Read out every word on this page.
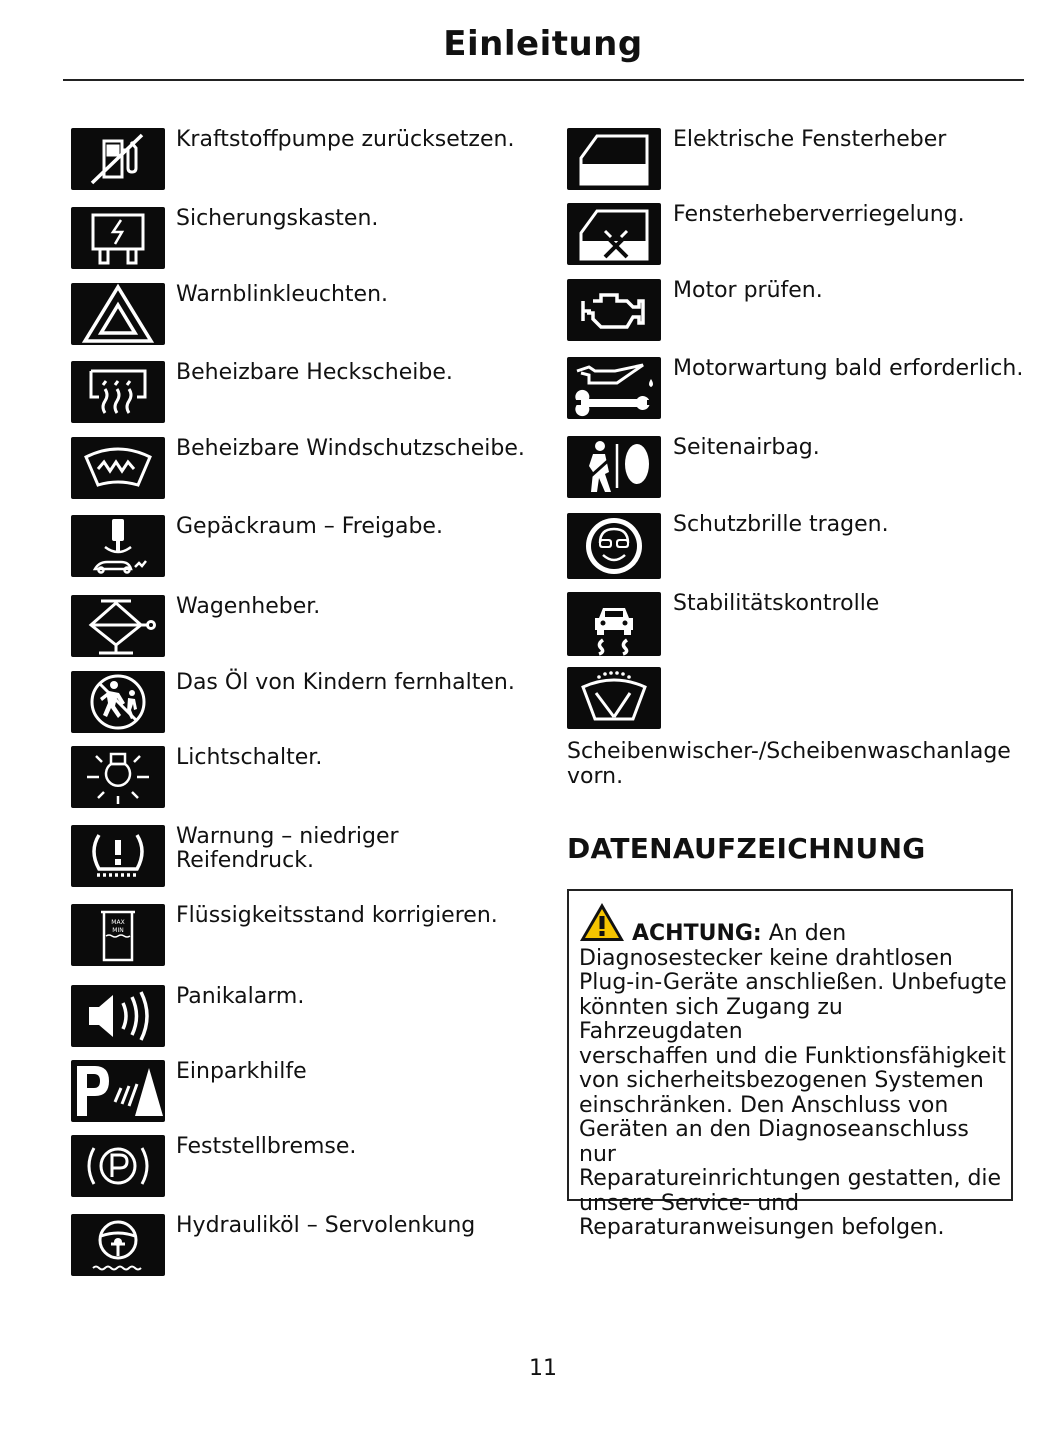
Einleitung
Kraftstoffpumpe zurücksetzen.
Sicherungskasten.
Warnblinkleuchten.
Beheizbare Heckscheibe.
Beheizbare Windschutzscheibe.
Gepäckraum – Freigabe.
Wagenheber.
Das Öl von Kindern fernhalten.
Lichtschalter.
Warnung – niedriger
Reifendruck.
MAX
MIN
Flüssigkeitsstand korrigieren.
Panikalarm.
Einparkhilfe
Feststellbremse.
Hydrauliköl – Servolenkung
Elektrische Fensterheber
Fensterheberverriegelung.
Motor prüfen.
Motorwartung bald erforderlich.
Seitenairbag.
Schutzbrille tragen.
Stabilitätskontrolle
Scheibenwischer-/Scheibenwaschanlage
vorn.
DATENAUFZEICHNUNG
ACHTUNG: An den
Diagnosestecker keine drahtlosen
Plug-in-Geräte anschließen. Unbefugte
könnten sich Zugang zu Fahrzeugdaten
verschaffen und die Funktionsfähigkeit
von sicherheitsbezogenen Systemen
einschränken. Den Anschluss von
Geräten an den Diagnoseanschluss nur
Reparatureinrichtungen gestatten, die
unsere Service- und
Reparaturanweisungen befolgen.
11
